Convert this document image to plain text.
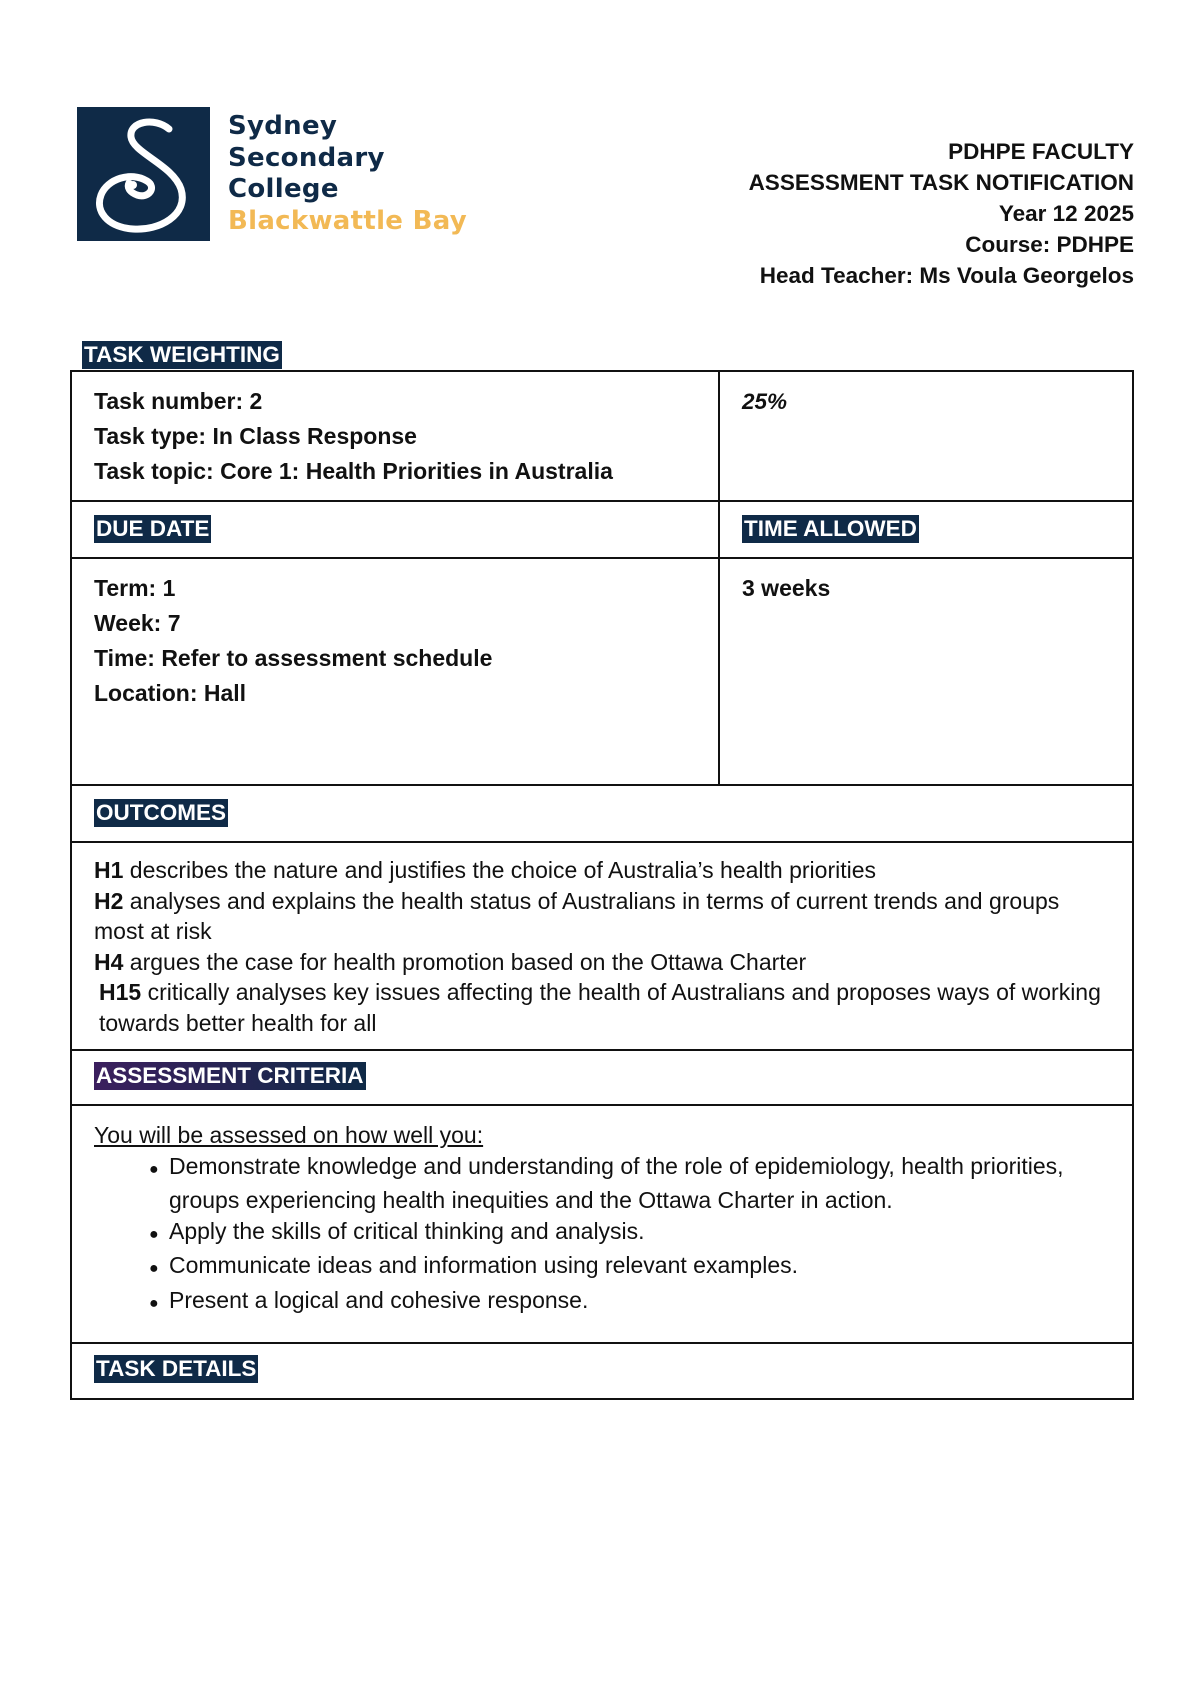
Sydney
Secondary
College
Blackwattle Bay
PDHPE FACULTY
ASSESSMENT TASK NOTIFICATION
Year 12 2025
Course: PDHPE
Head Teacher: Ms Voula Georgelos
TASK WEIGHTING
Task number: 2
Task type: In Class Response
Task topic: Core 1: Health Priorities in Australia
25%
DUE DATE	TIME ALLOWED
Term: 1
Week: 7
Time: Refer to assessment schedule
Location: Hall
3 weeks
OUTCOMES
H1 describes the nature and justifies the choice of Australia’s health priorities
H2 analyses and explains the health status of Australians in terms of current trends and groups most at risk
H4 argues the case for health promotion based on the Ottawa Charter
H15 critically analyses key issues affecting the health of Australians and proposes ways of working towards better health for all
ASSESSMENT CRITERIA
You will be assessed on how well you:
● Demonstrate knowledge and understanding of the role of epidemiology, health priorities, groups experiencing health inequities and the Ottawa Charter in action.
● Apply the skills of critical thinking and analysis.
● Communicate ideas and information using relevant examples.
● Present a logical and cohesive response.
TASK DETAILS
